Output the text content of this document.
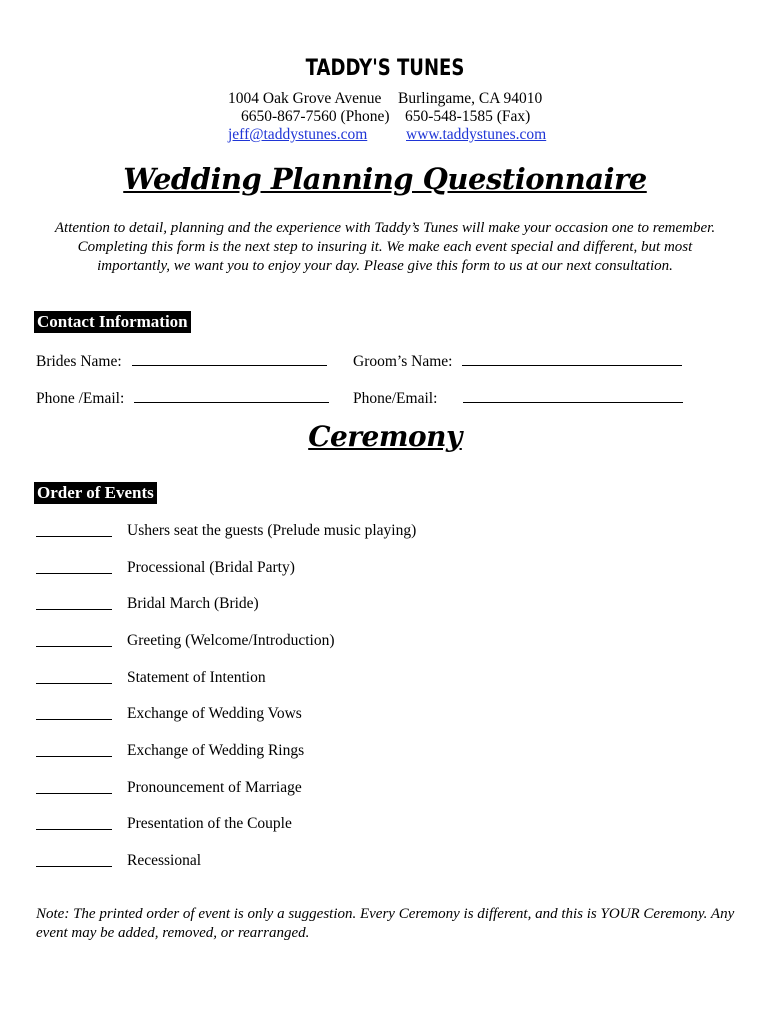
TADDY'S TUNES
1004 Oak Grove Avenue Burlingame, CA 94010
6650-867-7560 (Phone) 650-548-1585 (Fax)
jeff@taddystunes.com www.taddystunes.com
Wedding Planning Questionnaire
Attention to detail, planning and the experience with Taddy’s Tunes will make your occasion one to remember. Completing this form is the next step to insuring it. We make each event special and different, but most importantly, we want you to enjoy your day. Please give this form to us at our next consultation.
Contact Information
Brides Name:	Groom’s Name:
Phone /Email:	Phone/Email:
Ceremony
Order of Events
Ushers seat the guests (Prelude music playing)
Processional (Bridal Party)
Bridal March (Bride)
Greeting (Welcome/Introduction)
Statement of Intention
Exchange of Wedding Vows
Exchange of Wedding Rings
Pronouncement of Marriage
Presentation of the Couple
Recessional
Note: The printed order of event is only a suggestion. Every Ceremony is different, and this is YOUR Ceremony. Any event may be added, removed, or rearranged.
